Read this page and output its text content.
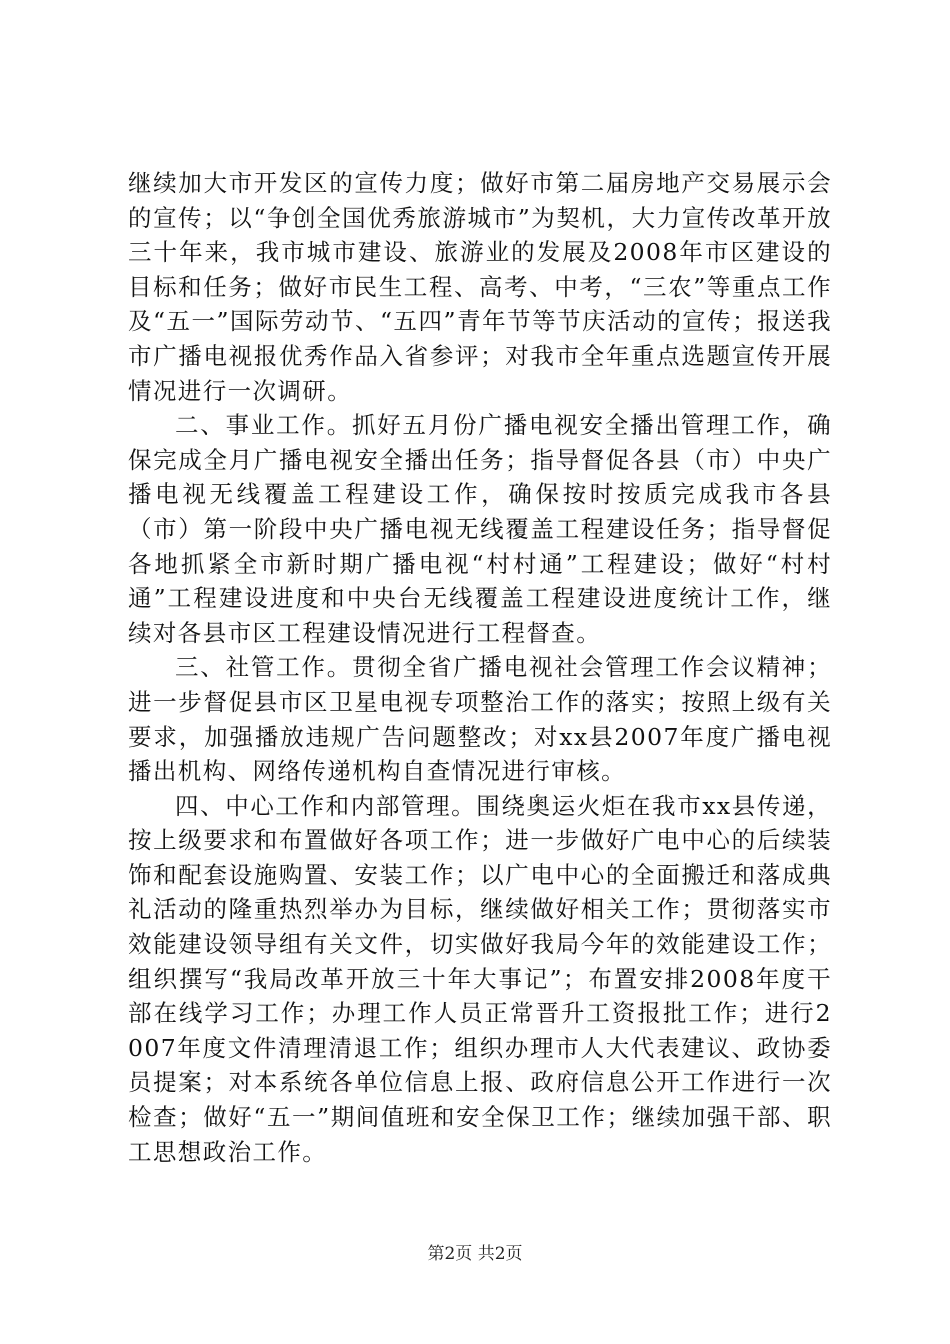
继续加大市开发区的宣传力度；做好市第二届房地产交易展示会的宣传；以“争创全国优秀旅游城市”为契机，大力宣传改革开放三十年来，我市城市建设、旅游业的发展及2008年市区建设的目标和任务；做好市民生工程、高考、中考，“三农”等重点工作及“五一”国际劳动节、“五四”青年节等节庆活动的宣传；报送我市广播电视报优秀作品入省参评；对我市全年重点选题宣传开展情况进行一次调研。

二、事业工作。抓好五月份广播电视安全播出管理工作，确保完成全月广播电视安全播出任务；指导督促各县（市）中央广播电视无线覆盖工程建设工作，确保按时按质完成我市各县（市）第一阶段中央广播电视无线覆盖工程建设任务；指导督促各地抓紧全市新时期广播电视“村村通”工程建设；做好“村村通”工程建设进度和中央台无线覆盖工程建设进度统计工作，继续对各县市区工程建设情况进行工程督查。

三、社管工作。贯彻全省广播电视社会管理工作会议精神；进一步督促县市区卫星电视专项整治工作的落实；按照上级有关要求，加强播放违规广告问题整改；对xx县2007年度广播电视播出机构、网络传递机构自查情况进行审核。

四、中心工作和内部管理。围绕奥运火炬在我市xx县传递，按上级要求和布置做好各项工作；进一步做好广电中心的后续装饰和配套设施购置、安装工作；以广电中心的全面搬迁和落成典礼活动的隆重热烈举办为目标，继续做好相关工作；贯彻落实市效能建设领导组有关文件，切实做好我局今年的效能建设工作；组织撰写“我局改革开放三十年大事记”；布置安排2008年度干部在线学习工作；办理工作人员正常晋升工资报批工作；进行2007年度文件清理清退工作；组织办理市人大代表建议、政协委员提案；对本系统各单位信息上报、政府信息公开工作进行一次检查；做好“五一”期间值班和安全保卫工作；继续加强干部、职工思想政治工作。

第2页 共2页
